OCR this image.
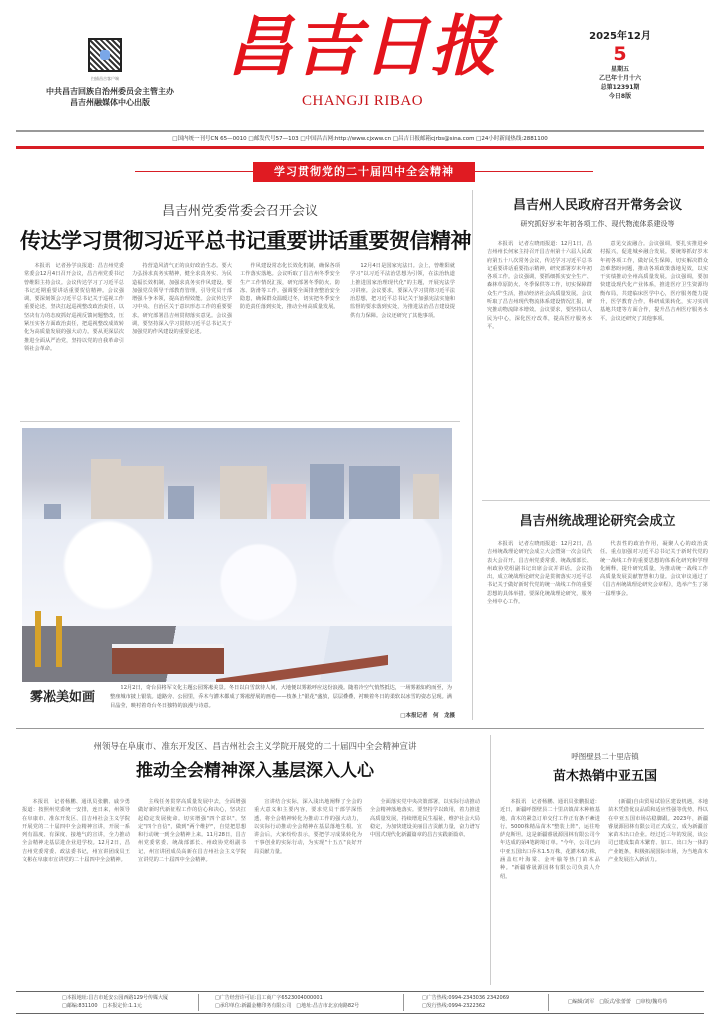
扫描昌吉客户端
中共昌吉回族自治州委员会主管主办
昌吉州融媒体中心出版
昌吉日报
CHANGJI RIBAO
2025年12月
5
星期五
乙巳年十月十六
总第12391期
今日8版
□国内统一刊号CN 65—0010 □邮发代号57—103 □中国昌吉网:http://www.cjxww.cn □昌吉日报邮箱cjrbs@sina.com □24小时新闻热线:2881100
学习贯彻党的二十届四中全会精神
昌吉州党委常委会召开会议
传达学习贯彻习近平总书记重要讲话重要贺信精神

本报讯　记者孙学良报道：昌吉州党委常委会12月4日召开会议，昌吉州党委书记曾维阳主持会议。会议传达学习了习近平总书记近期重要讲话重要贺信精神。会议强调，要深刻领会习近平总书记关于巡视工作重要论述，坚决扛起巡视整改政治责任，以坚决有力的态度抓好巡视反馈问题整改，压紧压实各方面政治责任，把巡视整改成效转化为高质量发展的强大动力。要从更深层次推进全面从严治党，坚持以党的自我革命引领社会革命。

持营造风清气正的良好政治生态。要大力弘扬求真务实精神，健全求真务实、为民造福长效机制，加强求真务实作风建设。要加强党员领导干部教育管理，引导党员干部增强斗争本领，提高治理效能。会议传达学习中央、自治区关于意识形态工作的重要要求。研究部署昌吉州贯彻落实意见。会议强调，要坚持深入学习贯彻习近平总书记关于加强党的作风建设的重要论述。

作风建设常态化长效化机制，确保各项工作落实落地。会议听取了昌吉州冬季安全生产工作情况汇报，研究部署冬季防火、防冻、防滑等工作。强调要全面排查整治安全隐患，确保群众温暖过冬，切实把冬季安全防范责任落到实处，推动全州高质量发展。

12月4日是国家宪法日。会上，曾维阳就学习"以习近平法治思想为引领，在法治轨道上推进国家治理现代化"的主题，开展宪法学习讲座。会议要求，要深入学习贯彻习近平法治思想，把习近平总书记关于加强宪法实施和监督的要求落到实处，为推进法治昌吉建设提供有力保障。会议还研究了其他事项。

雾凇美如画
12月2日，奇台县将军文化主题公园雾凇美景。冬日以白雪款待人间，大地便以雾凇呼应这份浪漫。随着冷空气悄然抵达，一场雾凇如约而至，为整座城市披上银装。道路旁、公园里，乔木与灌木都成了雾凇舒展的画卷——枝条上"银花"盛放，层层叠叠，衬映着冬日的柔软以冰雪的姿态呈现。满目晶莹，映衬着奇台冬日独特的浪漫与诗意。
□本报记者　何　龙摄
昌吉州人民政府召开常务会议
研究抓好岁末年初各项工作、现代物流体系建设等

本报讯　记者左晓雨报道：12月1日，昌吉州州长何家主持召开昌吉州第十六届人民政府第五十八次常务会议，传达学习习近平总书记重要讲话重要指示精神，研究部署岁末年初各项工作。会议强调，要抓细抓实安全生产、森林草原防火、冬季保供等工作，切实保障群众生产生活，推动经济社会高质量发展。会议听取了昌吉州现代物流体系建设情况汇报，研究推动物流降本增效。会议要求，要坚持以人民为中心，深化医疗改革，提高医疗服务水平。

意见交流融合。会议强调，要扎实推进乡村振兴，促进城乡融合发展。要统筹抓好岁末年初各项工作，做好民生保障，切实解决群众急难愁盼问题，推动各项政策落地见效，以实干实绩推动全州高质量发展。会议强调，要加快建设现代化产业体系，推进医疗卫生资源均衡布局，共建临床医学中心，医疗服务能力提升，医学教育合作，科研成果转化，实习实训基地共建等方面合作，提升昌吉州医疗服务水平。会议还研究了其他事项。

昌吉州统战理论研究会成立

本报讯　记者左晓雨报道：12月2日，昌吉州统战理论研究会成立大会暨第一次会员代表大会召开。昌吉州党委常委、统战部部长、州政协党组副书记出席会议并讲话。会议指出，成立统战理论研究会是贯彻落实习近平总书记关于做好新时代党的统一战线工作的重要思想的具体举措。要深化统战理论研究，服务全州中心工作。

代表性的政治作用，凝聚人心的政治责任。重点加强对习近平总书记关于新时代党的统一战线工作的重要思想的体系化研究和学理化阐释，提升研究质量，为推动统一战线工作高质量发展贡献智慧和力量。会议审议通过了《昌吉州统战理论研究会章程》，选举产生了第一届理事会。

州领导在阜康市、准东开发区、昌吉州社会主义学院开展党的二十届四中全会精神宣讲
推动全会精神深入基层深入人心

本报讯　记者杨鹏、通讯员张鹏、戚少勇报道：按照州党委统一安排，连日来，州领导在阜康市、准东开发区、昌吉州社会主义学院开展党的二十届四中全会精神宣讲，开展一系列有温度、有深度、接地气的宣讲，全力推动全会精神走基层进企业进学校。12月2日，昌吉州党委常委、政法委书记，州宣讲团成员王文彬在阜康市宣讲党的二十届四中全会精神。

主线任务贯穿高质量发展中去，全面增强做好新时代新征程工作的信心和决心，坚决扛起稳定发展使命。切实增强"四个意识"，坚定"四个自信"，做到"两个维护"，自觉把思想和行动统一到全会精神上来。11月28日，昌吉州党委常委、统战部部长、州政协党组副书记，州宣讲团成员高新在昌吉州社会主义学院宣讲党的二十届四中全会精神。

宣讲结合实际，深入浅出地阐释了全会的重大意义和主要内容，要求党员干部学深悟透，将全会精神转化为推动工作的强大动力，以实际行动推动全会精神在基层落地生根。宣讲会后，大家纷纷表示，要把学习成果转化为干事创业的实际行动，为实现"十五五"良好开局贡献力量。

全面落实党中央决策部署，以实际行动推动全会精神落地落实。要坚持学以致用，着力推进高质量发展，持续增进民生福祉，维护社会大局稳定，为加快建设美丽昌吉贡献力量，奋力谱写中国式现代化新疆篇章的昌吉实践新篇章。

呼图壁县二十里店镇
苗木热销中亚五国

本报讯　记者杨鹏、通讯员张鹏报道：近日，新疆呼图壁县二十里店镇苗木种植基地，苗木的紧急订单交付工作正有条不紊进行。5000株精品苗木"整装上阵"，运往哈萨克斯坦。这是新疆睿晟源园林有限公司今年达成的第4笔跨境订单。"今年，公司已向中亚五国出口乔木1.5万株，花灌木6万株，涵盖红叶海棠、金叶榆等热门苗木品种。"新疆睿晟源园林有限公司负责人介绍。

(新疆)自由贸易试验区建设机遇，本地苗木凭借优良品质和适应性强等优势，得以在中亚五国市场站稳脚跟。2023年，新疆睿晟源园林有限公司正式成立，成为新疆首家苗木出口企业。经过近三年的发展，该公司已建成集苗木繁育、加工、出口为一体的产业链条，积极拓展国际市场，为当地苗木产业发展注入新活力。

□本报地址:昌吉市延安公园西路129号传媒大厦
□邮编:831100　□本报定价:1.1元
□广告经营许可证:昌工商广字6523004000001
□承印单位:新疆金穗印务有限公司　□地址:昌吉市北京南路82号
□广告热线:0994-2343036 2342069
□发行热线:0994-2322362
□编辑/刘军　□版式/张蕾蕾　□审校/魏苟苟
